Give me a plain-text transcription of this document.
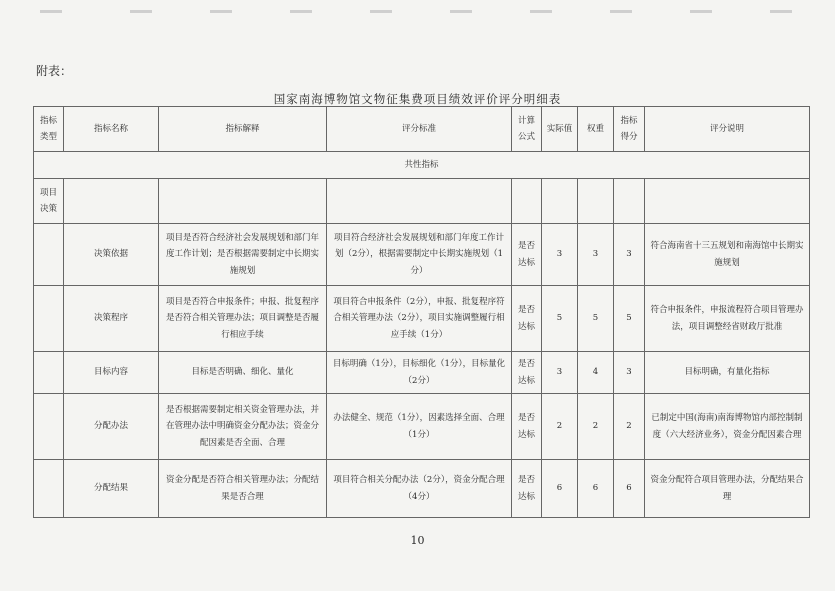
附表：
国家南海博物馆文物征集费项目绩效评价评分明细表
指标类型	指标名称	指标解释	评分标准	计算公式	实际值	权重	指标得分	评分说明
共性指标								
项目决策								
	决策依据	项目是否符合经济社会发展规划和部门年度工作计划；是否根据需要制定中长期实施规划	项目符合经济社会发展规划和部门年度工作计划（2分），根据需要制定中长期实施规划（1分）	是否达标	3	3	3	符合海南省十三五规划和南海馆中长期实施规划
	决策程序	项目是否符合申报条件；申报、批复程序是否符合相关管理办法；项目调整是否履行相应手续	项目符合申报条件（2分），申报、批复程序符合相关管理办法（2分），项目实施调整履行相应手续（1分）	是否达标	5	5	5	符合申报条件，申报流程符合项目管理办法，项目调整经省财政厅批准
	目标内容	目标是否明确、细化、量化	目标明确（1分），目标细化（1分），目标量化（2分）	是否达标	3	4	3	目标明确，有量化指标
	分配办法	是否根据需要制定相关资金管理办法，并在管理办法中明确资金分配办法；资金分配因素是否全面、合理	办法健全、规范（1分），因素选择全面、合理（1分）	是否达标	2	2	2	已制定中国(海南)南海博物馆内部控制制度（六大经济业务），资金分配因素合理
	分配结果	资金分配是否符合相关管理办法；分配结果是否合理	项目符合相关分配办法（2分），资金分配合理（4分）	是否达标	6	6	6	资金分配符合项目管理办法，分配结果合理
10
